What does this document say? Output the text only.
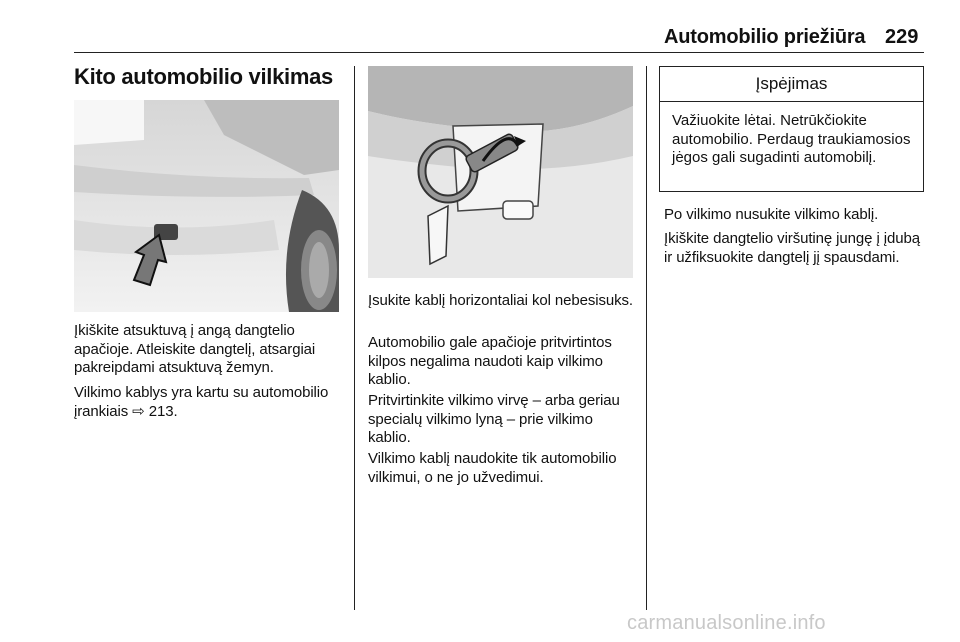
Automobilio priežiūra 229
Kito automobilio vilkimas
Įkiškite atsuktuvą į angą dangtelio apačioje. Atleiskite dangtelį, atsargiai pakreipdami atsuktuvą žemyn.
Vilkimo kablys yra kartu su automobilio įrankiais ⇨ 213.
Įsukite kablį horizontaliai kol nebesisuks.
Automobilio gale apačioje pritvirtintos kilpos negalima naudoti kaip vilkimo kablio.
Pritvirtinkite vilkimo virvę – arba geriau specialų vilkimo lyną – prie vilkimo kablio.
Vilkimo kablį naudokite tik automobilio vilkimui, o ne jo užvedimui.
Įspėjimas

Važiuokite lėtai. Netrūkčiokite automobilio. Perdaug traukiamosios jėgos gali sugadinti automobilį.

Po vilkimo nusukite vilkimo kablį.
Įkiškite dangtelio viršutinę jungę į įdubą ir užfiksuokite dangtelį jį spausdami.
carmanualsonline.info
